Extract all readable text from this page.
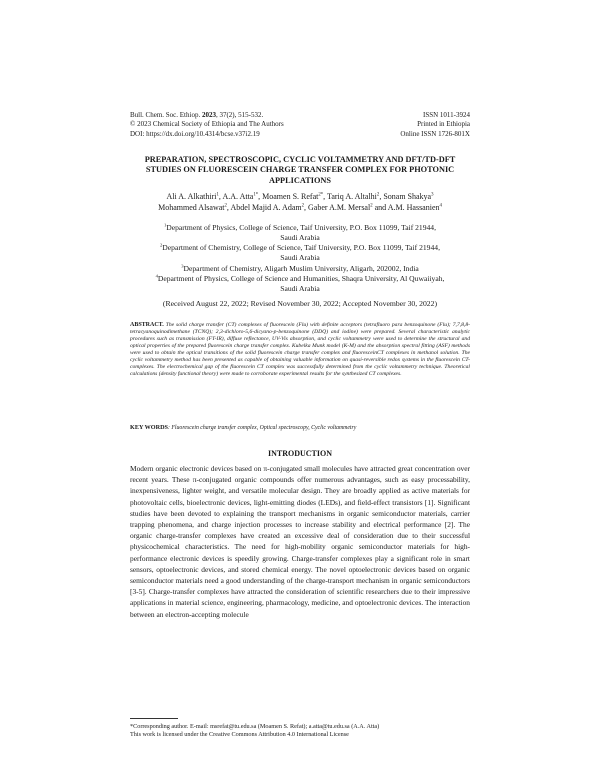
Bull. Chem. Soc. Ethiop. 2023, 37(2), 515-532.
© 2023 Chemical Society of Ethiopia and The Authors
DOI: https://dx.doi.org/10.4314/bcse.v37i2.19
ISSN 1011-3924
Printed in Ethiopia
Online ISSN 1726-801X
PREPARATION, SPECTROSCOPIC, CYCLIC VOLTAMMETRY AND DFT/TD-DFT
STUDIES ON FLUORESCEIN CHARGE TRANSFER COMPLEX FOR PHOTONIC
APPLICATIONS
Ali A. Alkathiri$^1$, A.A. Atta$^{1*}$, Moamen S. Refat$^{2*}$, Tariq A. Altalhi$^2$, Sonam Shakya$^3$
Mohammed Alsawat$^2$, Abdel Majid A. Adam$^2$, Gaber A.M. Mersal$^2$ and A.M. Hassanien$^4$
$^1$Department of Physics, College of Science, Taif University, P.O. Box 11099, Taif 21944,
Saudi Arabia
$^2$Department of Chemistry, College of Science, Taif University, P.O. Box 11099, Taif 21944,
Saudi Arabia
$^3$Department of Chemistry, Aligarh Muslim University, Aligarh, 202002, India
$^4$Department of Physics, College of Science and Humanities, Shaqra University, Al Quwaiiyah,
Saudi Arabia
(Received August 22, 2022; Revised November 30, 2022; Accepted November 30, 2022)
ABSTRACT. The solid charge transfer (CT) complexes of fluorescein (Flu) with definite acceptors (tetrafluoro para benzoquinone (Flu); 7,7,8,8-tetracyanoquinodimethane (TCNQ); 2,3-dichloro-5,6-dicyano-p-benzoquinone (DDQ) and iodine) were prepared. Several characteristic analytic procedures such as transmission (FT-IR), diffuse reflectance, UV-Vis absorption, and cyclic voltammetry were used to determine the structural and optical properties of the prepared fluorescein charge transfer complex. Kubelka Munk model (K-M) and the absorption spectral fitting (ASF) methods were used to obtain the optical transitions of the solid fluorescein charge transfer complex and fluoresceinCT complexes in methanol solution. The cyclic voltammetry method has been presented as capable of obtaining valuable information on quasi-reversible redox systems in the fluorescein CT-complexes. The electrochemical gap of the fluorescein CT complex was successfully determined from the cyclic voltammetry technique. Theoretical calculations (density functional theory) were made to corroborate experimental results for the synthesized CT complexes.
KEY WORDS: Fluorescein charge transfer complex, Optical spectroscopy, Cyclic voltammetry
INTRODUCTION
Modern organic electronic devices based on π-conjugated small molecules have attracted great concentration over recent years. These π-conjugated organic compounds offer numerous advantages, such as easy processability, inexpensiveness, lighter weight, and versatile molecular design. They are broadly applied as active materials for photovoltaic cells, bioelectronic devices, light-emitting diodes (LEDs), and field-effect transistors [1]. Significant studies have been devoted to explaining the transport mechanisms in organic semiconductor materials, carrier trapping phenomena, and charge injection processes to increase stability and electrical performance [2]. The organic charge-transfer complexes have created an excessive deal of consideration due to their successful physicochemical characteristics. The need for high-mobility organic semiconductor materials for high-performance electronic devices is speedily growing. Charge-transfer complexes play a significant role in smart sensors, optoelectronic devices, and stored chemical energy. The novel optoelectronic devices based on organic semiconductor materials need a good understanding of the charge-transport mechanism in organic semiconductors [3-5]. Charge-transfer complexes have attracted the consideration of scientific researchers due to their impressive applications in material science, engineering, pharmacology, medicine, and optoelectronic devices. The interaction between an electron-accepting molecule
*Corresponding author. E-mail: msrefat@tu.edu.sa (Moamen S. Refat); a.atta@tu.edu.sa (A.A. Atta)
This work is licensed under the Creative Commons Attribution 4.0 International License
